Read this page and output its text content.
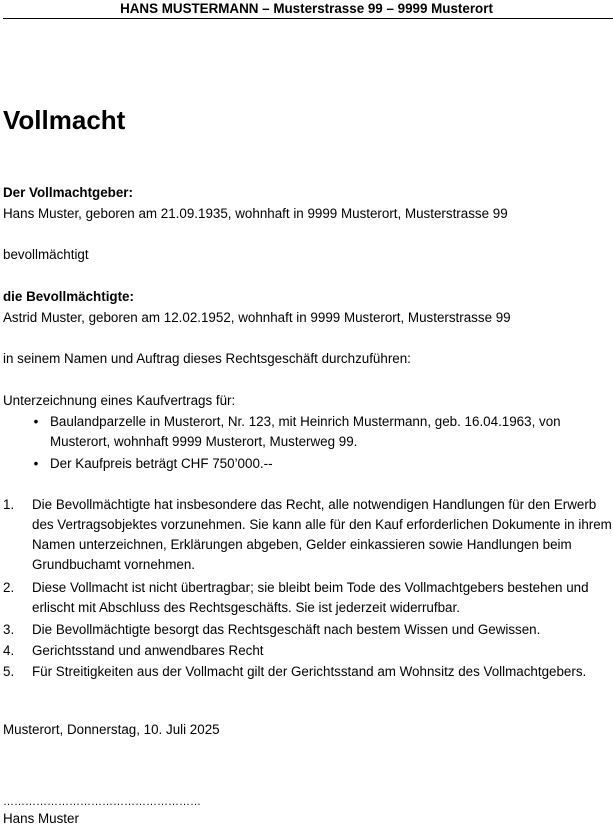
HANS MUSTERMANN – Musterstrasse 99 – 9999 Musterort
Vollmacht
Der Vollmachtgeber:
Hans Muster, geboren am 21.09.1935, wohnhaft in 9999 Musterort, Musterstrasse 99
bevollmächtigt
die Bevollmächtigte:
Astrid Muster, geboren am 12.02.1952, wohnhaft in 9999 Musterort, Musterstrasse 99
in seinem Namen und Auftrag dieses Rechtsgeschäft durchzuführen:
Unterzeichnung eines Kaufvertrags für:
• Baulandparzelle in Musterort, Nr. 123, mit Heinrich Mustermann, geb. 16.04.1963, von
Musterort, wohnhaft 9999 Musterort, Musterweg 99.
• Der Kaufpreis beträgt CHF 750’000.--
1. Die Bevollmächtigte hat insbesondere das Recht, alle notwendigen Handlungen für den Erwerb des Vertragsobjektes vorzunehmen. Sie kann alle für den Kauf erforderlichen Dokumente in ihrem Namen unterzeichnen, Erklärungen abgeben, Gelder einkassieren sowie Handlungen beim Grundbuchamt vornehmen.
2. Diese Vollmacht ist nicht übertragbar; sie bleibt beim Tode des Vollmachtgebers bestehen und erlischt mit Abschluss des Rechtsgeschäfts. Sie ist jederzeit widerrufbar.
3. Die Bevollmächtigte besorgt das Rechtsgeschäft nach bestem Wissen und Gewissen.
4. Gerichtsstand und anwendbares Recht
5. Für Streitigkeiten aus der Vollmacht gilt der Gerichtsstand am Wohnsitz des Vollmachtgebers.
Musterort, Donnerstag, 10. Juli 2025
………………………………………………
Hans Muster
